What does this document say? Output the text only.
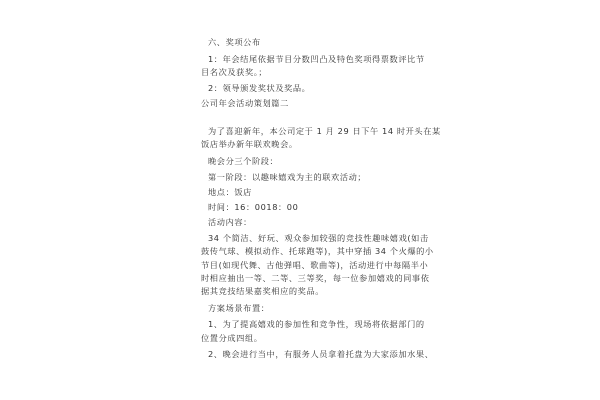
六、奖项公布
1：年会结尾依据节目分数凹凸及特色奖项得票数评比节
目名次及获奖。；
2：领导颁发奖状及奖品。
公司年会活动策划篇二
为了喜迎新年，本公司定于 1 月 29 日下午 14 时开头在某
饭店举办新年联欢晚会。
晚会分三个阶段：
第一阶段：以趣味嬉戏为主的联欢活动；
地点：饭店
时间：16：0018：00
活动内容：
34 个简洁、好玩、观众参加较强的竞技性趣味嬉戏(如击
鼓传气球、模拟动作、托球跑等)，其中穿插 34 个火爆的小
节目(如现代舞、古他弹唱、歌曲等)，活动进行中每隔半小
时相应抽出一等、二等、三等奖，每一位参加嬉戏的同事依
据其竞技结果嘉奖相应的奖品。
方案场景布置：
1、为了提高嬉戏的参加性和竞争性，现场将依据部门的
位置分成四组。
2、晚会进行当中，有服务人员拿着托盘为大家添加水果、
